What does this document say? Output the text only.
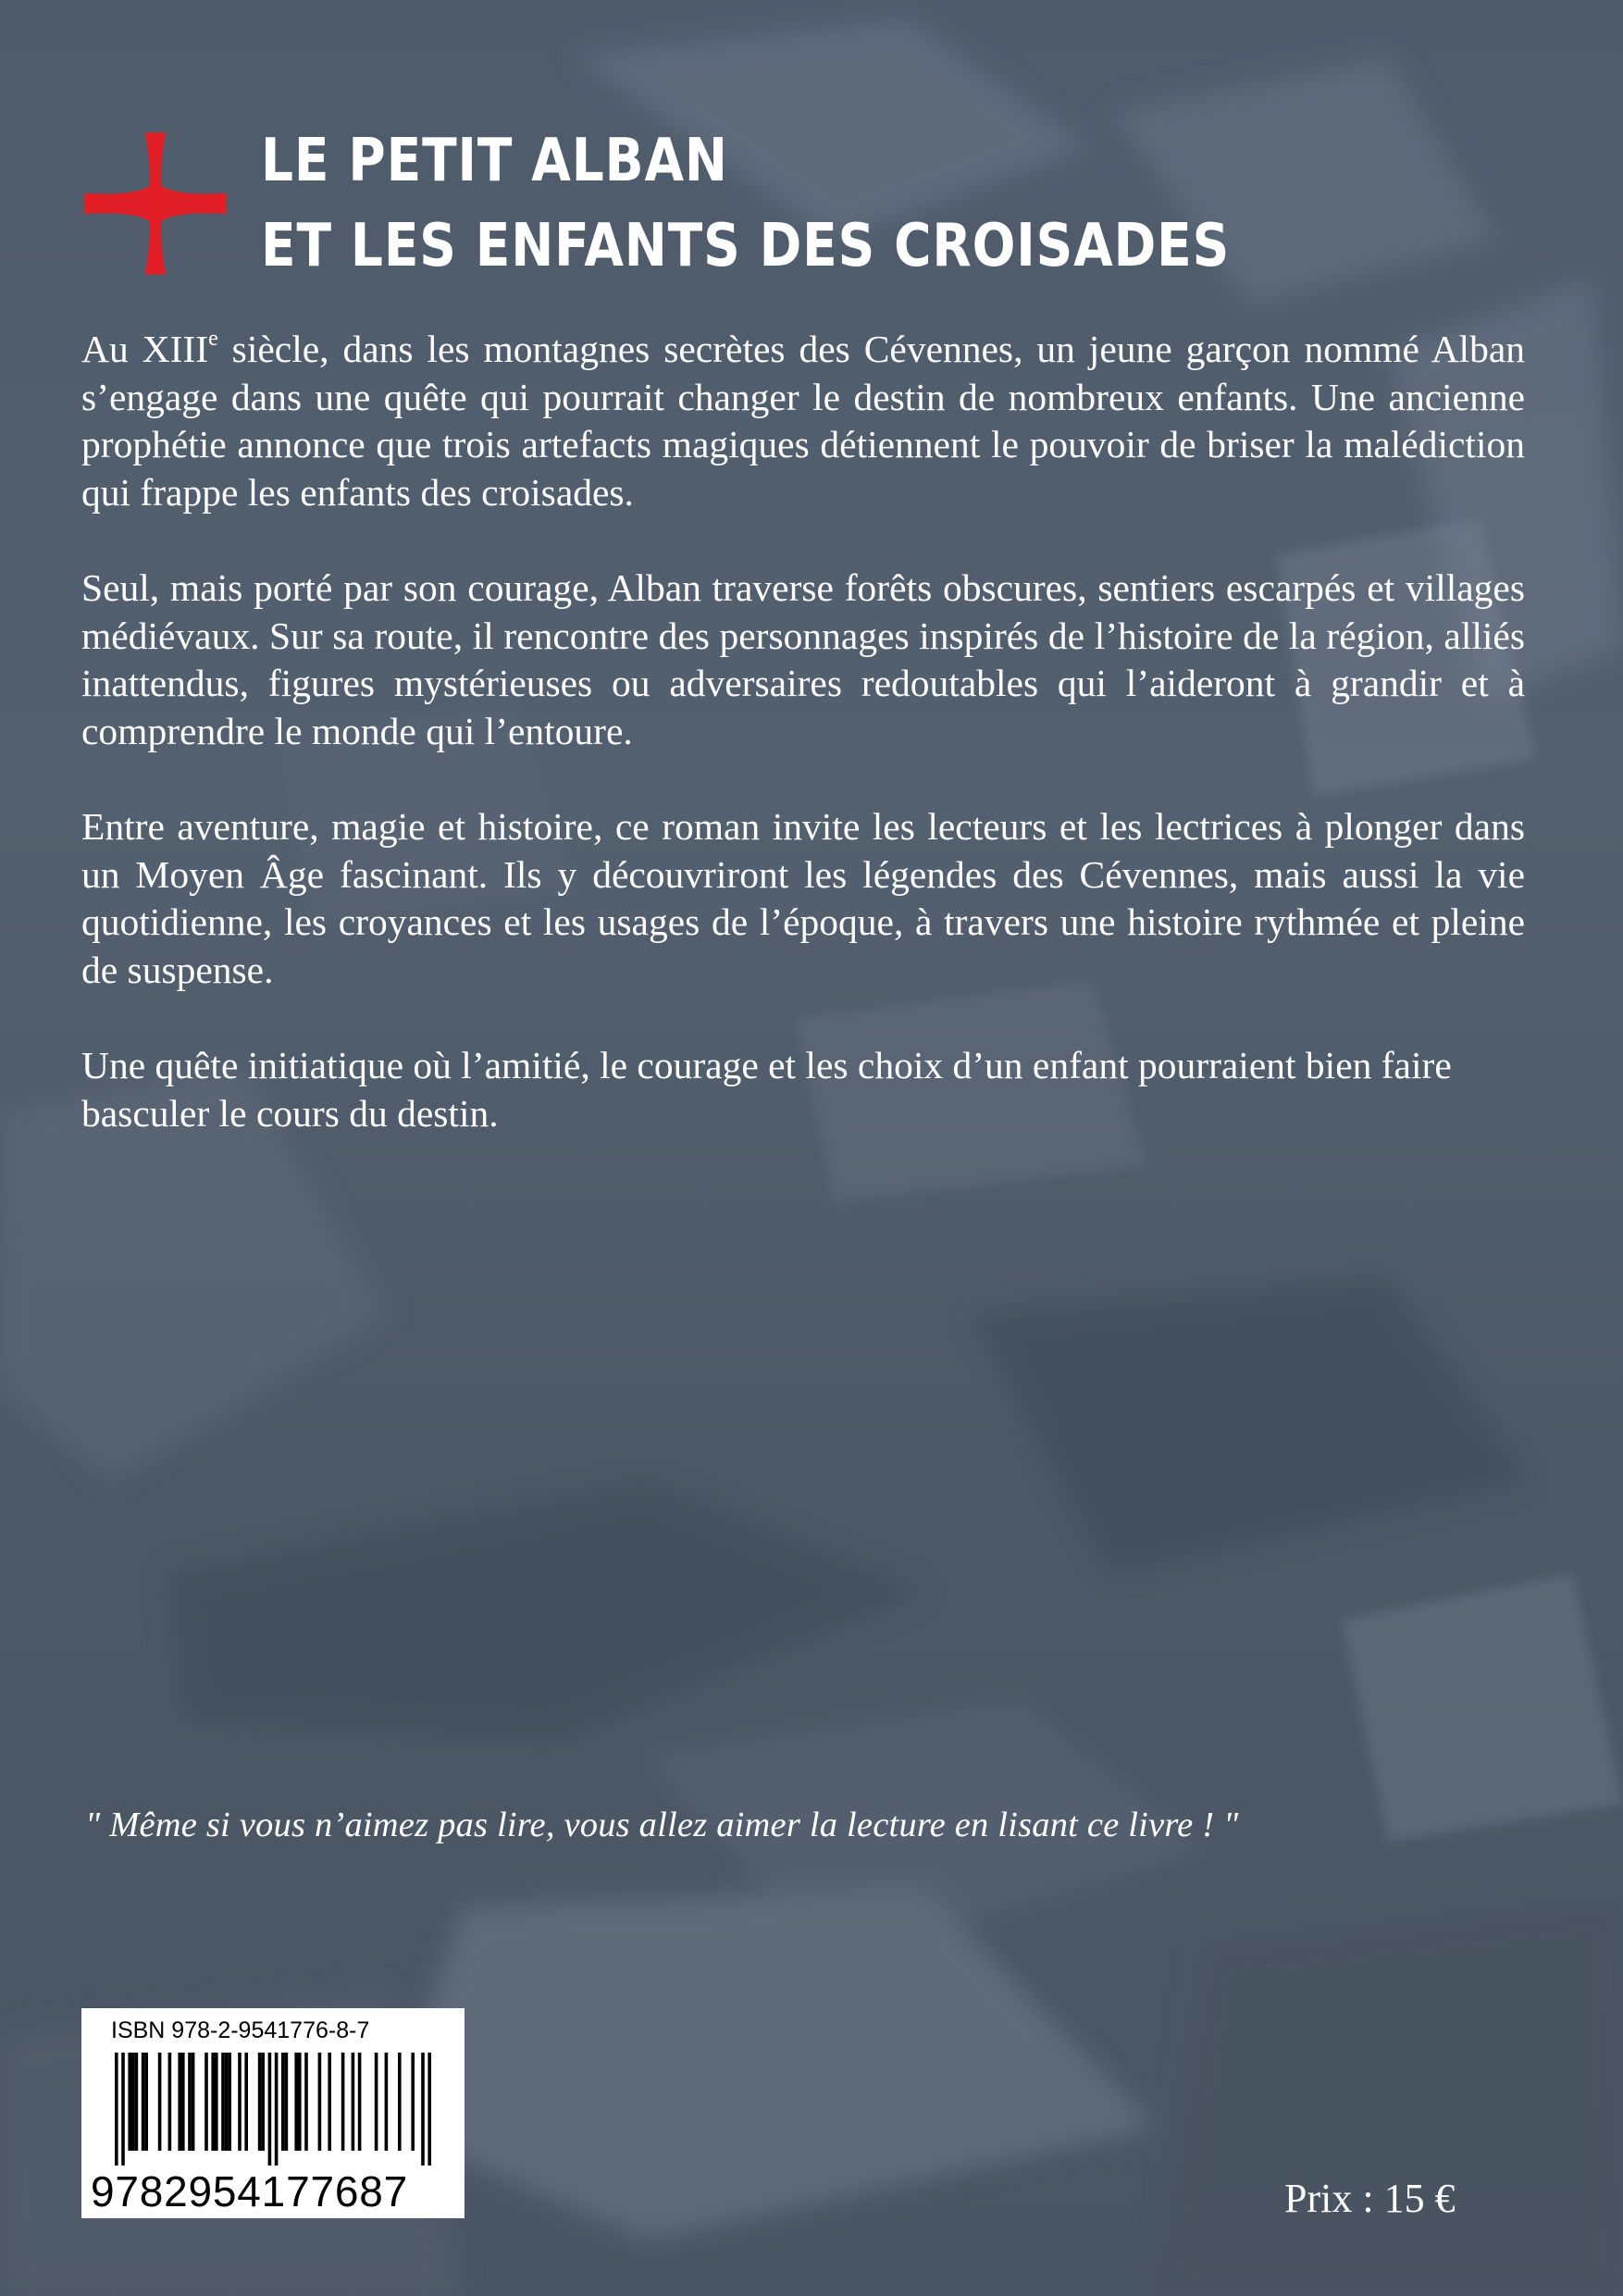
LE PETIT ALBAN
ET LES ENFANTS DES CROISADES

Au XIIIe siècle, dans les montagnes secrètes des Cévennes, un jeune garçon nommé Alban s’engage dans une quête qui pourrait changer le destin de nombreux enfants. Une ancienne prophétie annonce que trois artefacts magiques détiennent le pouvoir de briser la malédiction qui frappe les enfants des croisades.

Seul, mais porté par son courage, Alban traverse forêts obscures, sentiers escarpés et villages médiévaux. Sur sa route, il rencontre des personnages inspirés de l’histoire de la région, alliés inattendus, figures mystérieuses ou adversaires redoutables qui l’aideront à grandir et à comprendre le monde qui l’entoure.

Entre aventure, magie et histoire, ce roman invite les lecteurs et les lectrices à plonger dans un Moyen Âge fascinant. Ils y découvriront les légendes des Cévennes, mais aussi la vie quotidienne, les croyances et les usages de l’époque, à travers une histoire rythmée et pleine de suspense.

Une quête initiatique où l’amitié, le courage et les choix d’un enfant pourraient bien faire basculer le cours du destin.

" Même si vous n’aimez pas lire, vous allez aimer la lecture en lisant ce livre ! "
ISBN 978-2-9541776-8-7
9782954177687	Prix : 15 €
